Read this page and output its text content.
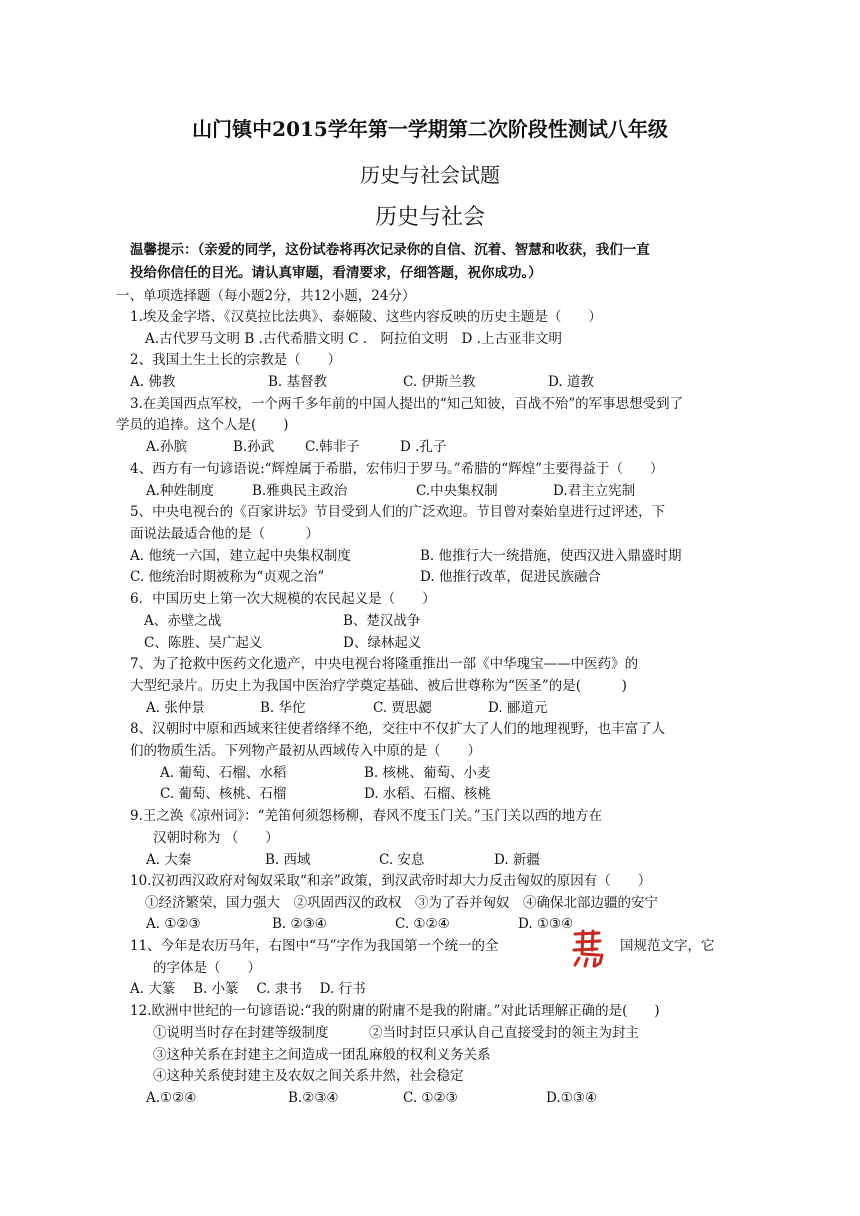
山门镇中2015学年第一学期第二次阶段性测试八年级
历史与社会试题
历史与社会
温馨提示：（亲爱的同学，这份试卷将再次记录你的自信、沉着、智慧和收获，我们一直
投给你信任的目光。请认真审题，看清要求，仔细答题，祝你成功。）
一、单项选择题（每小题2分，共12小题，24分）
1.埃及金字塔、《汉莫拉比法典》、泰姬陵、这些内容反映的历史主题是（　　）
A.古代罗马文明 B .古代希腊文明 C .　阿拉伯文明　D .上古亚非文明
2、我国土生土长的宗教是（　　）
A. 佛教	B. 基督教	C. 伊斯兰教	D. 道教
3.在美国西点军校，一个两千多年前的中国人提出的“知己知彼，百战不殆”的军事思想受到了
学员的追捧。这个人是(　　)
A.孙膑	B.孙武 C.韩非子	D .孔子
4、西方有一句谚语说:“辉煌属于希腊，宏伟归于罗马。”希腊的“辉煌”主要得益于（　　）
A.种姓制度	B.雅典民主政治	C.中央集权制	D.君主立宪制
5、中央电视台的《百家讲坛》节目受到人们的广泛欢迎。节目曾对秦始皇进行过评述，下
面说法最适合他的是（　　　）
A. 他统一六国，建立起中央集权制度	B. 他推行大一统措施，使西汉进入鼎盛时期
C. 他统治时期被称为“贞观之治”	D. 他推行改革，促进民族融合
6．中国历史上第一次大规模的农民起义是（　　）
A、赤壁之战	B、楚汉战争
C、陈胜、吴广起义	D、绿林起义
7、为了抢救中医药文化遗产，中央电视台将隆重推出一部《中华瑰宝——中医药》的
大型纪录片。历史上为我国中医治疗学奠定基础、被后世尊称为“医圣”的是(　　　)
A. 张仲景	B. 华佗	C. 贾思勰	D. 郦道元
8、汉朝时中原和西域来往使者络绎不绝，交往中不仅扩大了人们的地理视野，也丰富了人
们的物质生活。下列物产最初从西域传入中原的是（　　）
A. 葡萄、石榴、水稻	B. 核桃、葡萄、小麦
C. 葡萄、核桃、石榴	D. 水稻、石榴、核桃
9.王之涣《凉州词》：“羌笛何须怨杨柳，春风不度玉门关。”玉门关以西的地方在
汉朝时称为 （　　）
A. 大秦	B. 西域	C. 安息	D. 新疆
10.汉初西汉政府对匈奴采取“和亲”政策，到汉武帝时却大力反击匈奴的原因有（　　）
①经济繁荣，国力强大　②巩固西汉的政权　③为了吞并匈奴　④确保北部边疆的安宁
A. ①②③	B. ②③④	C. ①②④	D. ①③④
11、今年是农历马年，右图中“马”字作为我国第一个统一的全	国规范文字，它
的字体是（　　）
A. 大篆　 B. 小篆　 C. 隶书　 D. 行书
12.欧洲中世纪的一句谚语说:“我的附庸的附庸不是我的附庸。”对此话理解正确的是(　　)
①说明当时存在封建等级制度　　　②当时封臣只承认自己直接受封的领主为封主
③这种关系在封建主之间造成一团乱麻般的权利义务关系
④这种关系使封建主及农奴之间关系井然，社会稳定
A.①②④	B.②③④	C. ①②③	D.①③④
